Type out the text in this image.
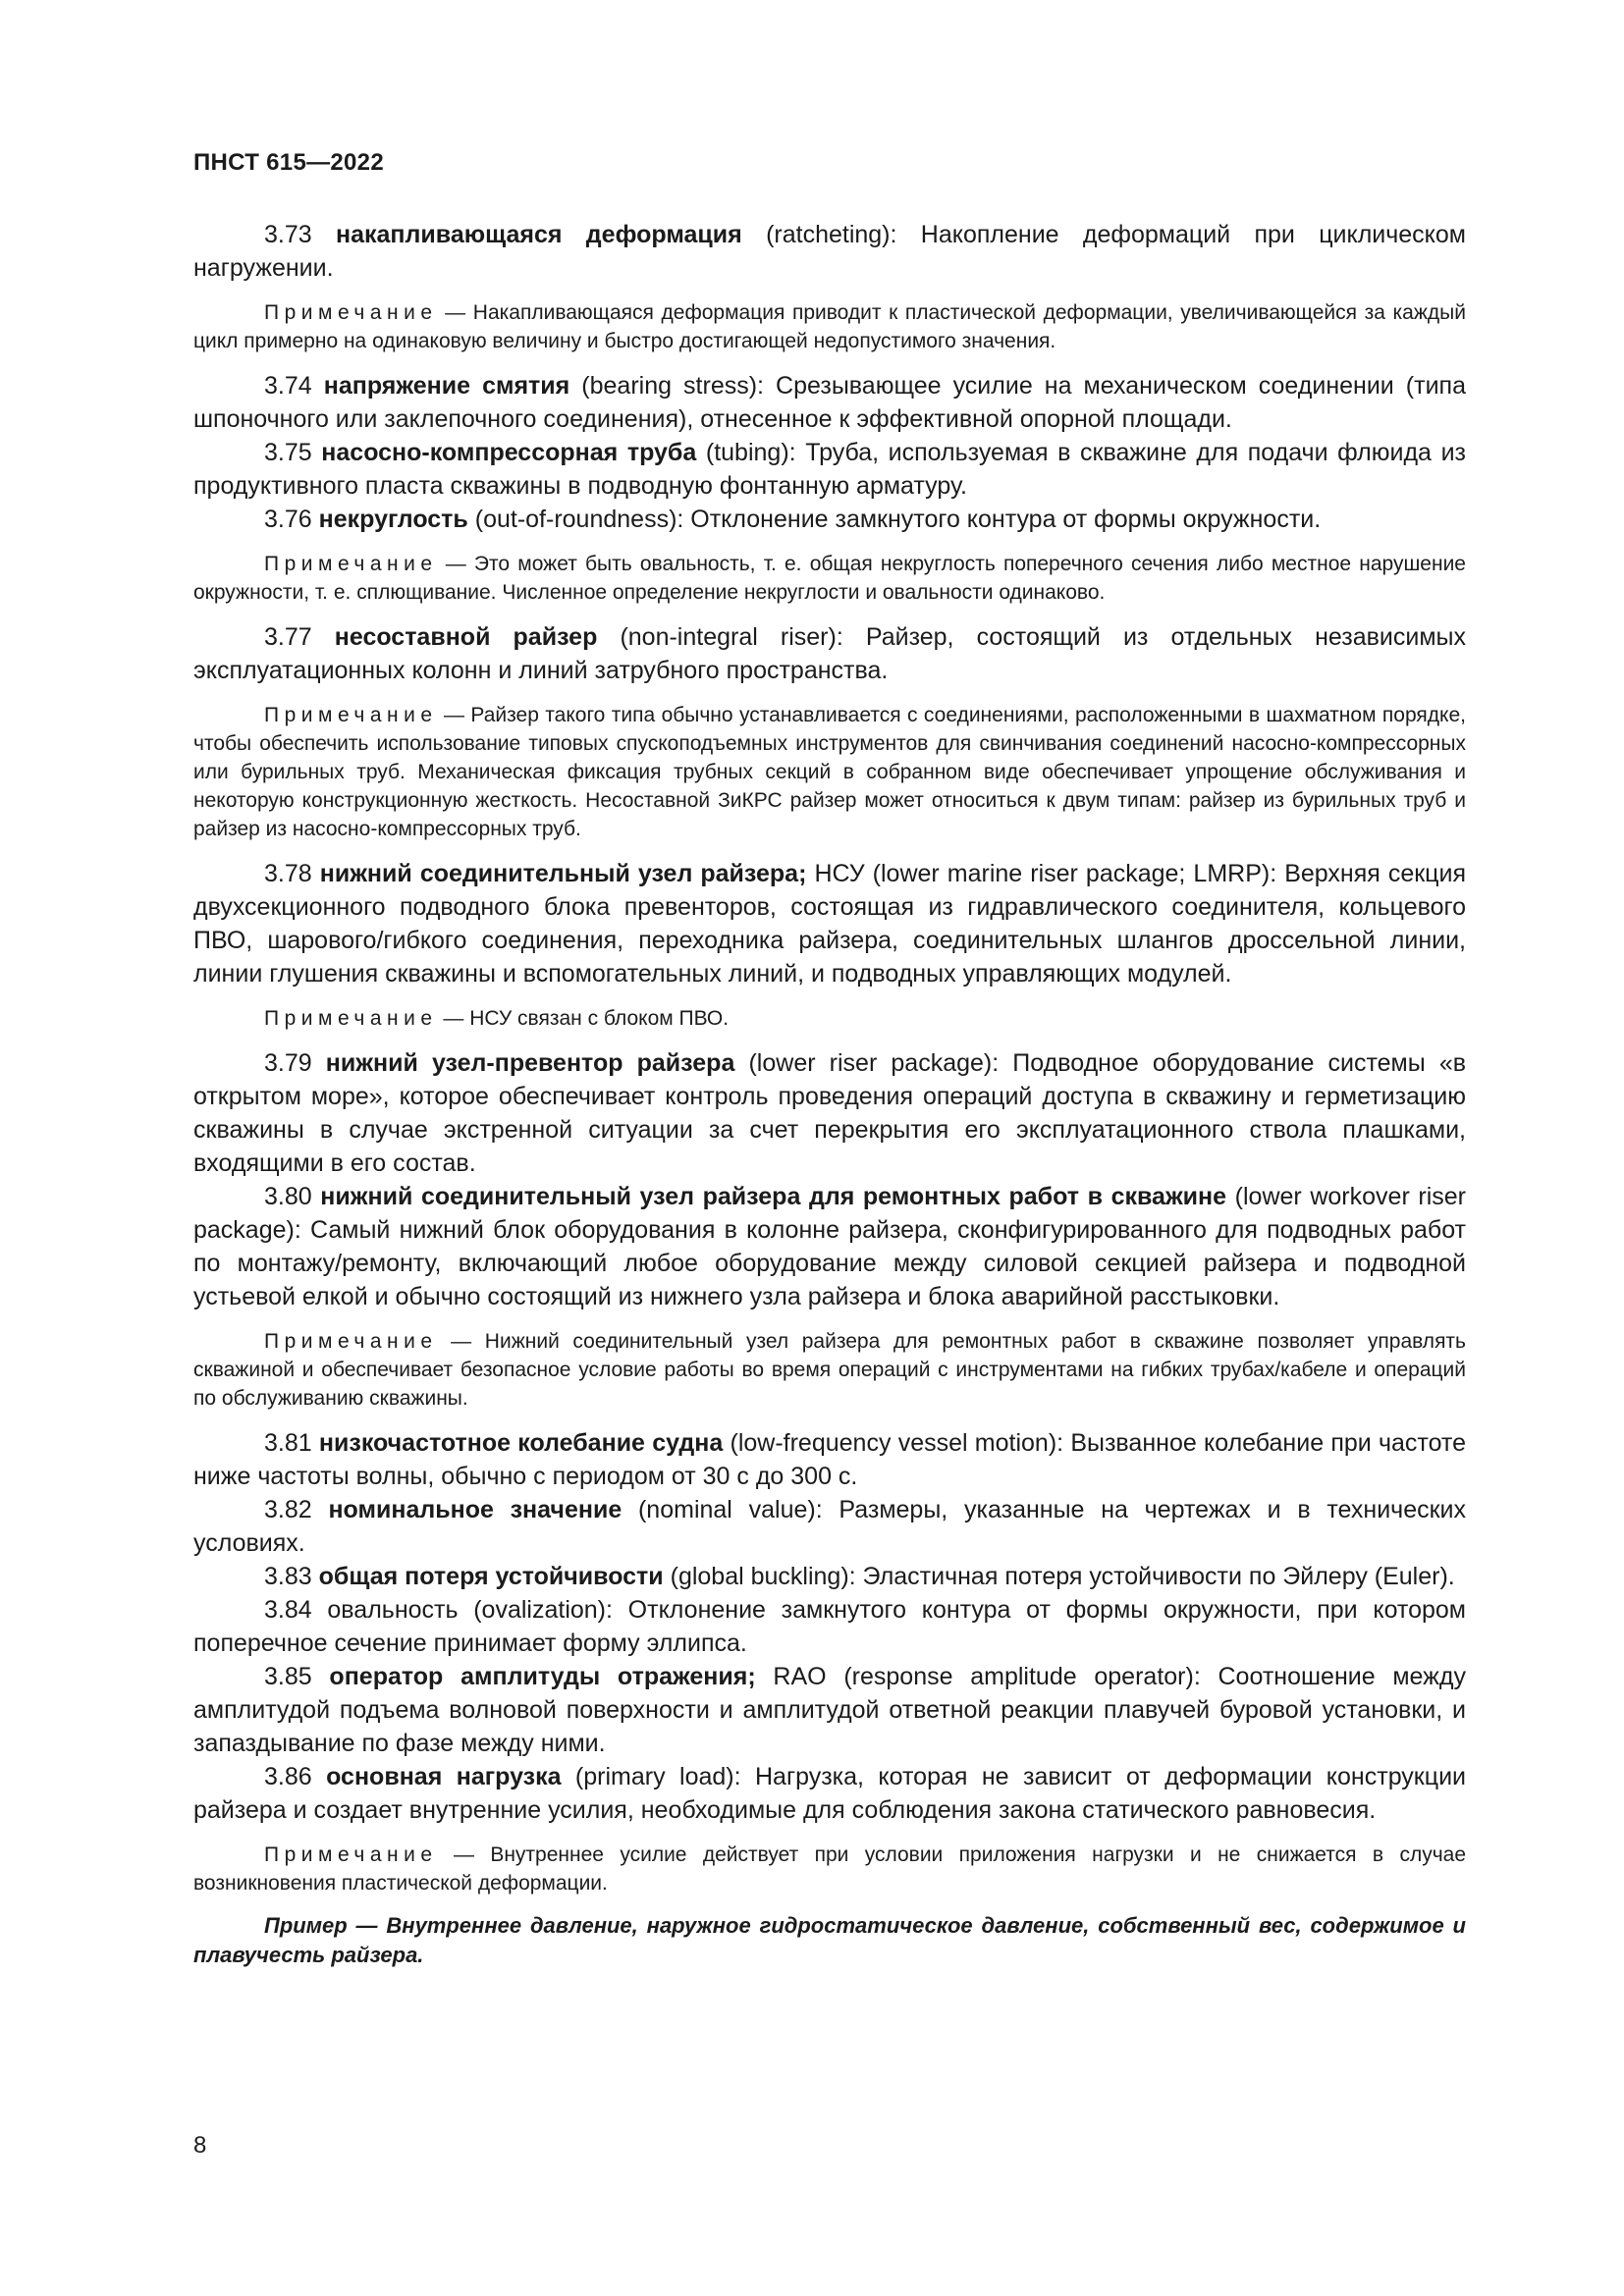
ПНСТ 615—2022

3.73 накапливающаяся деформация (ratcheting): Накопление деформаций при циклическом нагружении.

Примечание — Накапливающаяся деформация приводит к пластической деформации, увеличивающейся за каждый цикл примерно на одинаковую величину и быстро достигающей недопустимого значения.

3.74 напряжение смятия (bearing stress): Срезывающее усилие на механическом соединении (типа шпоночного или заклепочного соединения), отнесенное к эффективной опорной площади.

3.75 насосно-компрессорная труба (tubing): Труба, используемая в скважине для подачи флюида из продуктивного пласта скважины в подводную фонтанную арматуру.

3.76 некруглость (out-of-roundness): Отклонение замкнутого контура от формы окружности.

Примечание — Это может быть овальность, т. е. общая некруглость поперечного сечения либо местное нарушение окружности, т. е. сплющивание. Численное определение некруглости и овальности одинаково.

3.77 несоставной райзер (non-integral riser): Райзер, состоящий из отдельных независимых эксплуатационных колонн и линий затрубного пространства.

Примечание — Райзер такого типа обычно устанавливается с соединениями, расположенными в шахматном порядке, чтобы обеспечить использование типовых спускоподъемных инструментов для свинчивания соединений насосно-компрессорных или бурильных труб. Механическая фиксация трубных секций в собранном виде обеспечивает упрощение обслуживания и некоторую конструкционную жесткость. Несоставной ЗиКРС райзер может относиться к двум типам: райзер из бурильных труб и райзер из насосно-компрессорных труб.

3.78 нижний соединительный узел райзера; НСУ (lower marine riser package; LMRP): Верхняя секция двухсекционного подводного блока превенторов, состоящая из гидравлического соединителя, кольцевого ПВО, шарового/гибкого соединения, переходника райзера, соединительных шлангов дроссельной линии, линии глушения скважины и вспомогательных линий, и подводных управляющих модулей.

Примечание — НСУ связан с блоком ПВО.

3.79 нижний узел-превентор райзера (lower riser package): Подводное оборудование системы «в открытом море», которое обеспечивает контроль проведения операций доступа в скважину и герметизацию скважины в случае экстренной ситуации за счет перекрытия его эксплуатационного ствола плашками, входящими в его состав.

3.80 нижний соединительный узел райзера для ремонтных работ в скважине (lower workover riser package): Самый нижний блок оборудования в колонне райзера, сконфигурированного для подводных работ по монтажу/ремонту, включающий любое оборудование между силовой секцией райзера и подводной устьевой елкой и обычно состоящий из нижнего узла райзера и блока аварийной расстыковки.

Примечание — Нижний соединительный узел райзера для ремонтных работ в скважине позволяет управлять скважиной и обеспечивает безопасное условие работы во время операций с инструментами на гибких трубах/кабеле и операций по обслуживанию скважины.

3.81 низкочастотное колебание судна (low-frequency vessel motion): Вызванное колебание при частоте ниже частоты волны, обычно с периодом от 30 с до 300 с.

3.82 номинальное значение (nominal value): Размеры, указанные на чертежах и в технических условиях.

3.83 общая потеря устойчивости (global buckling): Эластичная потеря устойчивости по Эйлеру (Euler).

3.84 овальность (ovalization): Отклонение замкнутого контура от формы окружности, при котором поперечное сечение принимает форму эллипса.

3.85 оператор амплитуды отражения; RAO (response amplitude operator): Соотношение между амплитудой подъема волновой поверхности и амплитудой ответной реакции плавучей буровой установки, и запаздывание по фазе между ними.

3.86 основная нагрузка (primary load): Нагрузка, которая не зависит от деформации конструкции райзера и создает внутренние усилия, необходимые для соблюдения закона статического равновесия.

Примечание — Внутреннее усилие действует при условии приложения нагрузки и не снижается в случае возникновения пластической деформации.

Пример — Внутреннее давление, наружное гидростатическое давление, собственный вес, содержимое и плавучесть райзера.

8
